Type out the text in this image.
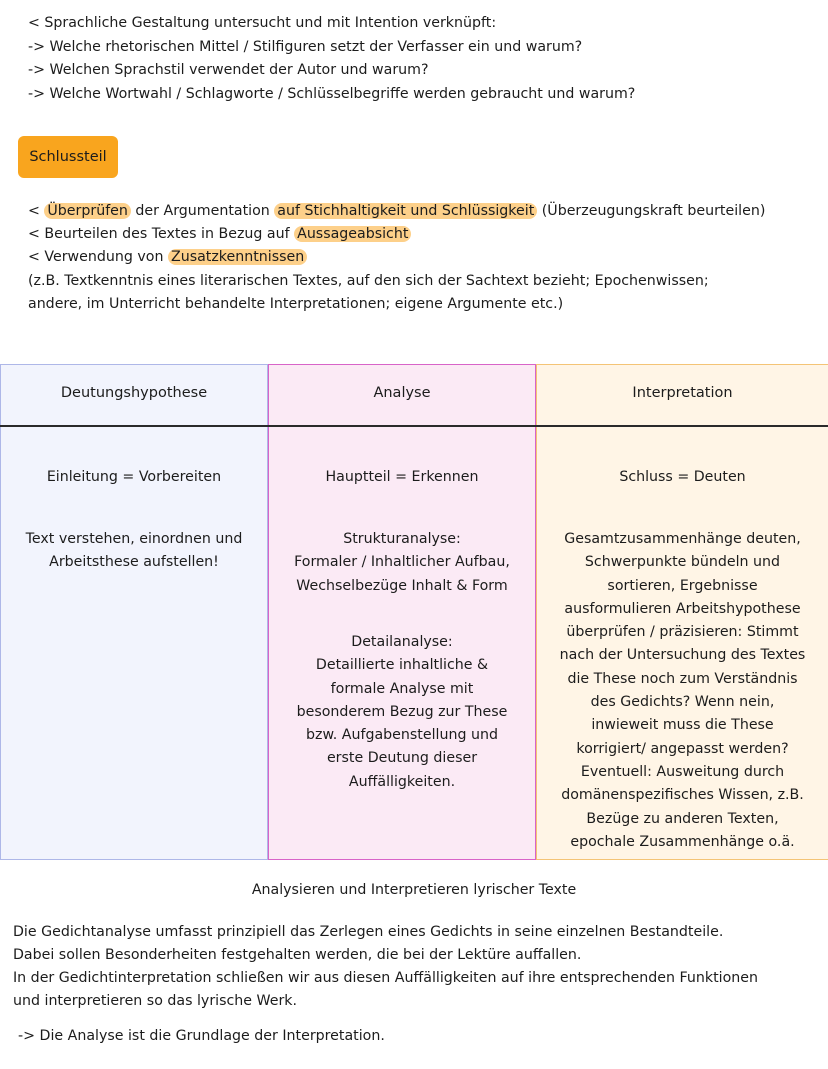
< Sprachliche Gestaltung untersucht und mit Intention verknüpft:
-> Welche rhetorischen Mittel / Stilfiguren setzt der Verfasser ein und warum?
-> Welchen Sprachstil verwendet der Autor und warum?
-> Welche Wortwahl / Schlagworte / Schlüsselbegriffe werden gebraucht und warum?
Schlussteil
< Überprüfen der Argumentation auf Stichhaltigkeit und Schlüssigkeit (Überzeugungskraft beurteilen)
< Beurteilen des Textes in Bezug auf Aussageabsicht
< Verwendung von Zusatzkenntnissen
(z.B. Textkenntnis eines literarischen Textes, auf den sich der Sachtext bezieht; Epochenwissen;
andere, im Unterricht behandelte Interpretationen; eigene Argumente etc.)
Deutungshypothese
Einleitung = Vorbereiten
Text verstehen, einordnen und
Arbeitsthese aufstellen!
Analyse
Hauptteil = Erkennen
Strukturanalyse:
Formaler / Inhaltlicher Aufbau,
Wechselbezüge Inhalt & Form
Detailanalyse:
Detaillierte inhaltliche &
formale Analyse mit
besonderem Bezug zur These
bzw. Aufgabenstellung und
erste Deutung dieser
Auffälligkeiten.
Interpretation
Schluss = Deuten
Gesamtzusammenhänge deuten,
Schwerpunkte bündeln und
sortieren, Ergebnisse
ausformulieren Arbeitshypothese
überprüfen / präzisieren: Stimmt
nach der Untersuchung des Textes
die These noch zum Verständnis
des Gedichts? Wenn nein,
inwieweit muss die These
korrigiert/ angepasst werden?
Eventuell: Ausweitung durch
domänenspezifisches Wissen, z.B.
Bezüge zu anderen Texten,
epochale Zusammenhänge o.ä.
Analysieren und Interpretieren lyrischer Texte
Die Gedichtanalyse umfasst prinzipiell das Zerlegen eines Gedichts in seine einzelnen Bestandteile.
Dabei sollen Besonderheiten festgehalten werden, die bei der Lektüre auffallen.
In der Gedichtinterpretation schließen wir aus diesen Auffälligkeiten auf ihre entsprechenden Funktionen
und interpretieren so das lyrische Werk.
-> Die Analyse ist die Grundlage der Interpretation.
